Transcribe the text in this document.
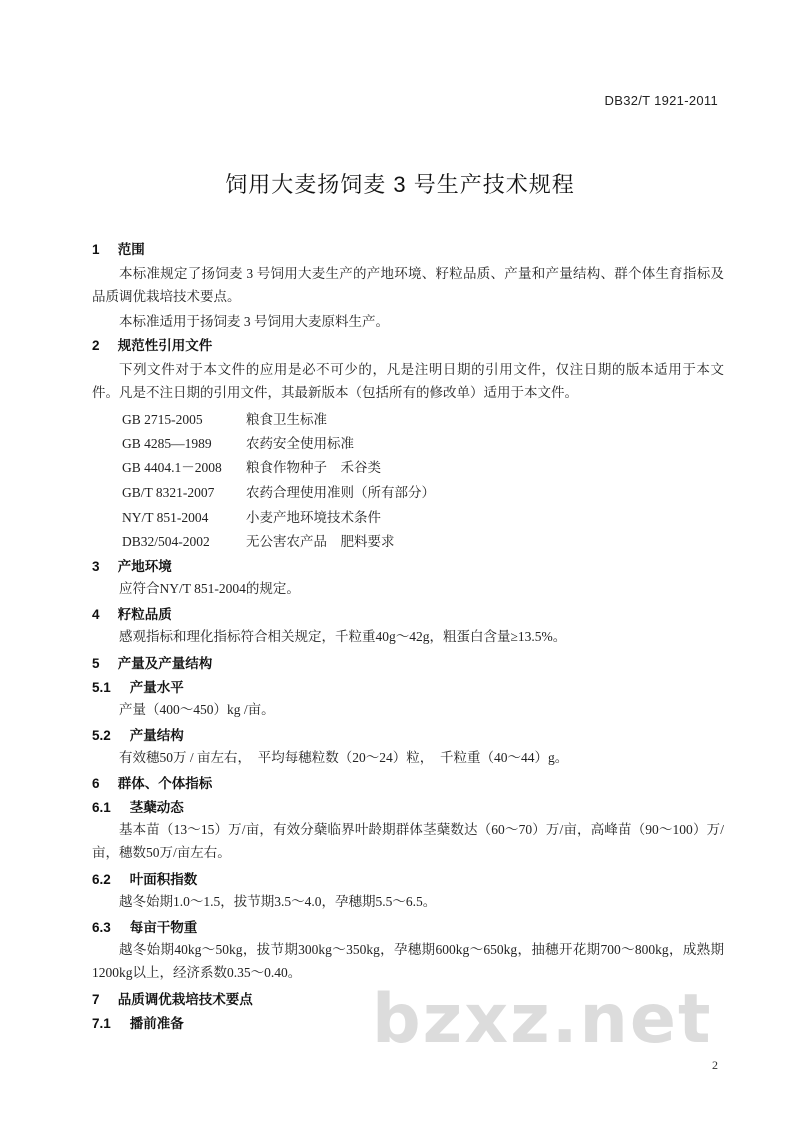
DB32/T 1921-2011
饲用大麦扬饲麦 3 号生产技术规程
1 范围
本标准规定了扬饲麦 3 号饲用大麦生产的产地环境、籽粒品质、产量和产量结构、群个体生育指标及品质调优栽培技术要点。
本标准适用于扬饲麦 3 号饲用大麦原料生产。
2 规范性引用文件
下列文件对于本文件的应用是必不可少的，凡是注明日期的引用文件，仅注日期的版本适用于本文件。凡是不注日期的引用文件，其最新版本（包括所有的修改单）适用于本文件。
GB 2715-2005	粮食卫生标准
GB 4285—1989	农药安全使用标准
GB 4404.1－2008 粮食作物种子　禾谷类
GB/T 8321-2007 农药合理使用准则（所有部分）
NY/T 851-2004	小麦产地环境技术条件
DB32/504-2002	无公害农产品　肥料要求
3 产地环境
应符合NY/T 851-2004的规定。
4 籽粒品质
感观指标和理化指标符合相关规定，千粒重40g～42g，粗蛋白含量≥13.5%。
5 产量及产量结构
5.1 产量水平
产量（400～450）kg /亩。
5.2 产量结构
有效穗50万 / 亩左右，　平均每穗粒数（20～24）粒，　千粒重（40～44）g。
6 群体、个体指标
6.1 茎蘖动态
基本苗（13～15）万/亩，有效分蘖临界叶龄期群体茎蘖数达（60～70）万/亩，高峰苗（90～100）万/亩，穗数50万/亩左右。
6.2 叶面积指数
越冬始期1.0～1.5，拔节期3.5～4.0，孕穗期5.5～6.5。
6.3 每亩干物重
越冬始期40kg～50kg，拔节期300kg～350kg，孕穗期600kg～650kg，抽穗开花期700～800kg，成熟期1200kg以上，经济系数0.35～0.40。
7 品质调优栽培技术要点
7.1 播前准备	bzxz.net
2
